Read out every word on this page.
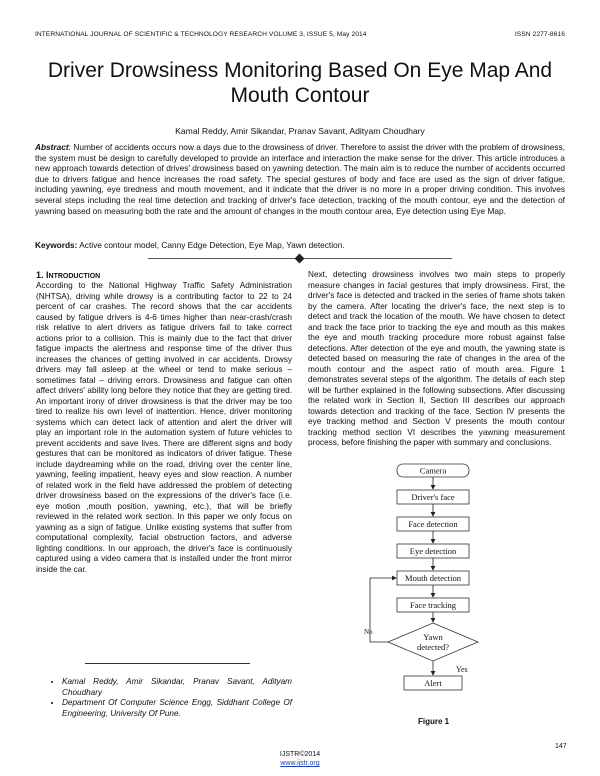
INTERNATIONAL JOURNAL OF SCIENTIFIC & TECHNOLOGY RESEARCH VOLUME 3, ISSUE 5, May 2014	ISSN 2277-8616
Driver Drowsiness Monitoring Based On Eye Map And Mouth Contour
Kamal Reddy, Amir Sikandar, Pranav Savant, Adityam Choudhary
Abstract: Number of accidents occurs now a days due to the drowsiness of driver. Therefore to assist the driver with the problem of drowsiness, the system must be design to carefully developed to provide an interface and interaction the make sense for the driver. This article introduces a new approach towards detection of drives' drowsiness based on yawning detection. The main aim is to reduce the number of accidents occurred due to drivers fatigue and hence increases the road safety. The special gestures of body and face are used as the sign of driver fatigue, including yawning, eye tiredness and mouth movement, and it indicate that the driver is no more in a proper driving condition. This involves several steps including the real time detection and tracking of driver's face detection, tracking of the mouth contour, eye and the detection of yawning based on measuring both the rate and the amount of changes in the mouth contour area, Eye detection using Eye Map.
Keywords: Active contour model, Canny Edge Detection, Eye Map, Yawn detection.
1. INTRODUCTION
According to the National Highway Traffic Safety Administration (NHTSA), driving while drowsy is a contributing factor to 22 to 24 percent of car crashes. The record shows that the car accidents caused by fatigue drivers is 4-6 times higher than near-crash/crash risk relative to alert drivers as fatigue drivers fail to take correct actions prior to a collision. This is mainly due to the fact that driver fatigue impacts the alertness and response time of the driver thus increases the chances of getting involved in car accidents. Drowsy drivers may fall asleep at the wheel or tend to make serious – sometimes fatal – driving errors. Drowsiness and fatigue can often affect drivers' ability long before they notice that they are getting tired. An important irony of driver drowsiness is that the driver may be too tired to realize his own level of inattention. Hence, driver monitoring systems which can detect lack of attention and alert the driver will play an important role in the automation system of future vehicles to prevent accidents and save lives. There are different signs and body gestures that can be monitored as indicators of driver fatigue. These include daydreaming while on the road, driving over the center line, yawning, feeling impatient, heavy eyes and slow reaction. A number of related work in the field have addressed the problem of detecting driver drowsiness based on the expressions of the driver's face (i.e. eye motion ,mouth position, yawning, etc.), that will be briefly reviewed in the related work section. In this paper we only focus on yawning as a sign of fatigue. Unlike existing systems that suffer from computational complexity, facial obstruction factors, and adverse lighting conditions. In our approach, the driver's face is continuously captured using a video camera that is installed under the front mirror inside the car.
Next, detecting drowsiness involves two main steps to properly measure changes in facial gestures that imply drowsiness. First, the driver's face is detected and tracked in the series of frame shots taken by the camera. After locating the driver's face, the next step is to detect and track the location of the mouth. We have chosen to detect and track the face prior to tracking the eye and mouth as this makes the eye and mouth tracking procedure more robust against false detections. After detection of the eye and mouth, the yawning state is detected based on measuring the rate of changes in the area of the mouth contour and the aspect ratio of mouth area. Figure 1 demonstrates several steps of the algorithm. The details of each step will be further explained in the following subsections. After discussing the related work in Section II, Section III describes our approach towards detection and tracking of the face. Section IV presents the eye tracking method and Section V presents the mouth contour tracking method section VI describes the yawning measurement process, before finishing the paper with summary and conclusions.
• Kamal Reddy, Amir Sikandar, Pranav Savant, Adityam Choudhary
• Department Of Computer Science Engg, Siddhant College Of Engineering, University Of Pune.
Camera
Driver's face
Face detection
Eye detection
Mouth detection
Face tracking
Yawn
detected?
Alert
No
Yes
Figure 1
147
IJSTR©2014
www.ijstr.org
